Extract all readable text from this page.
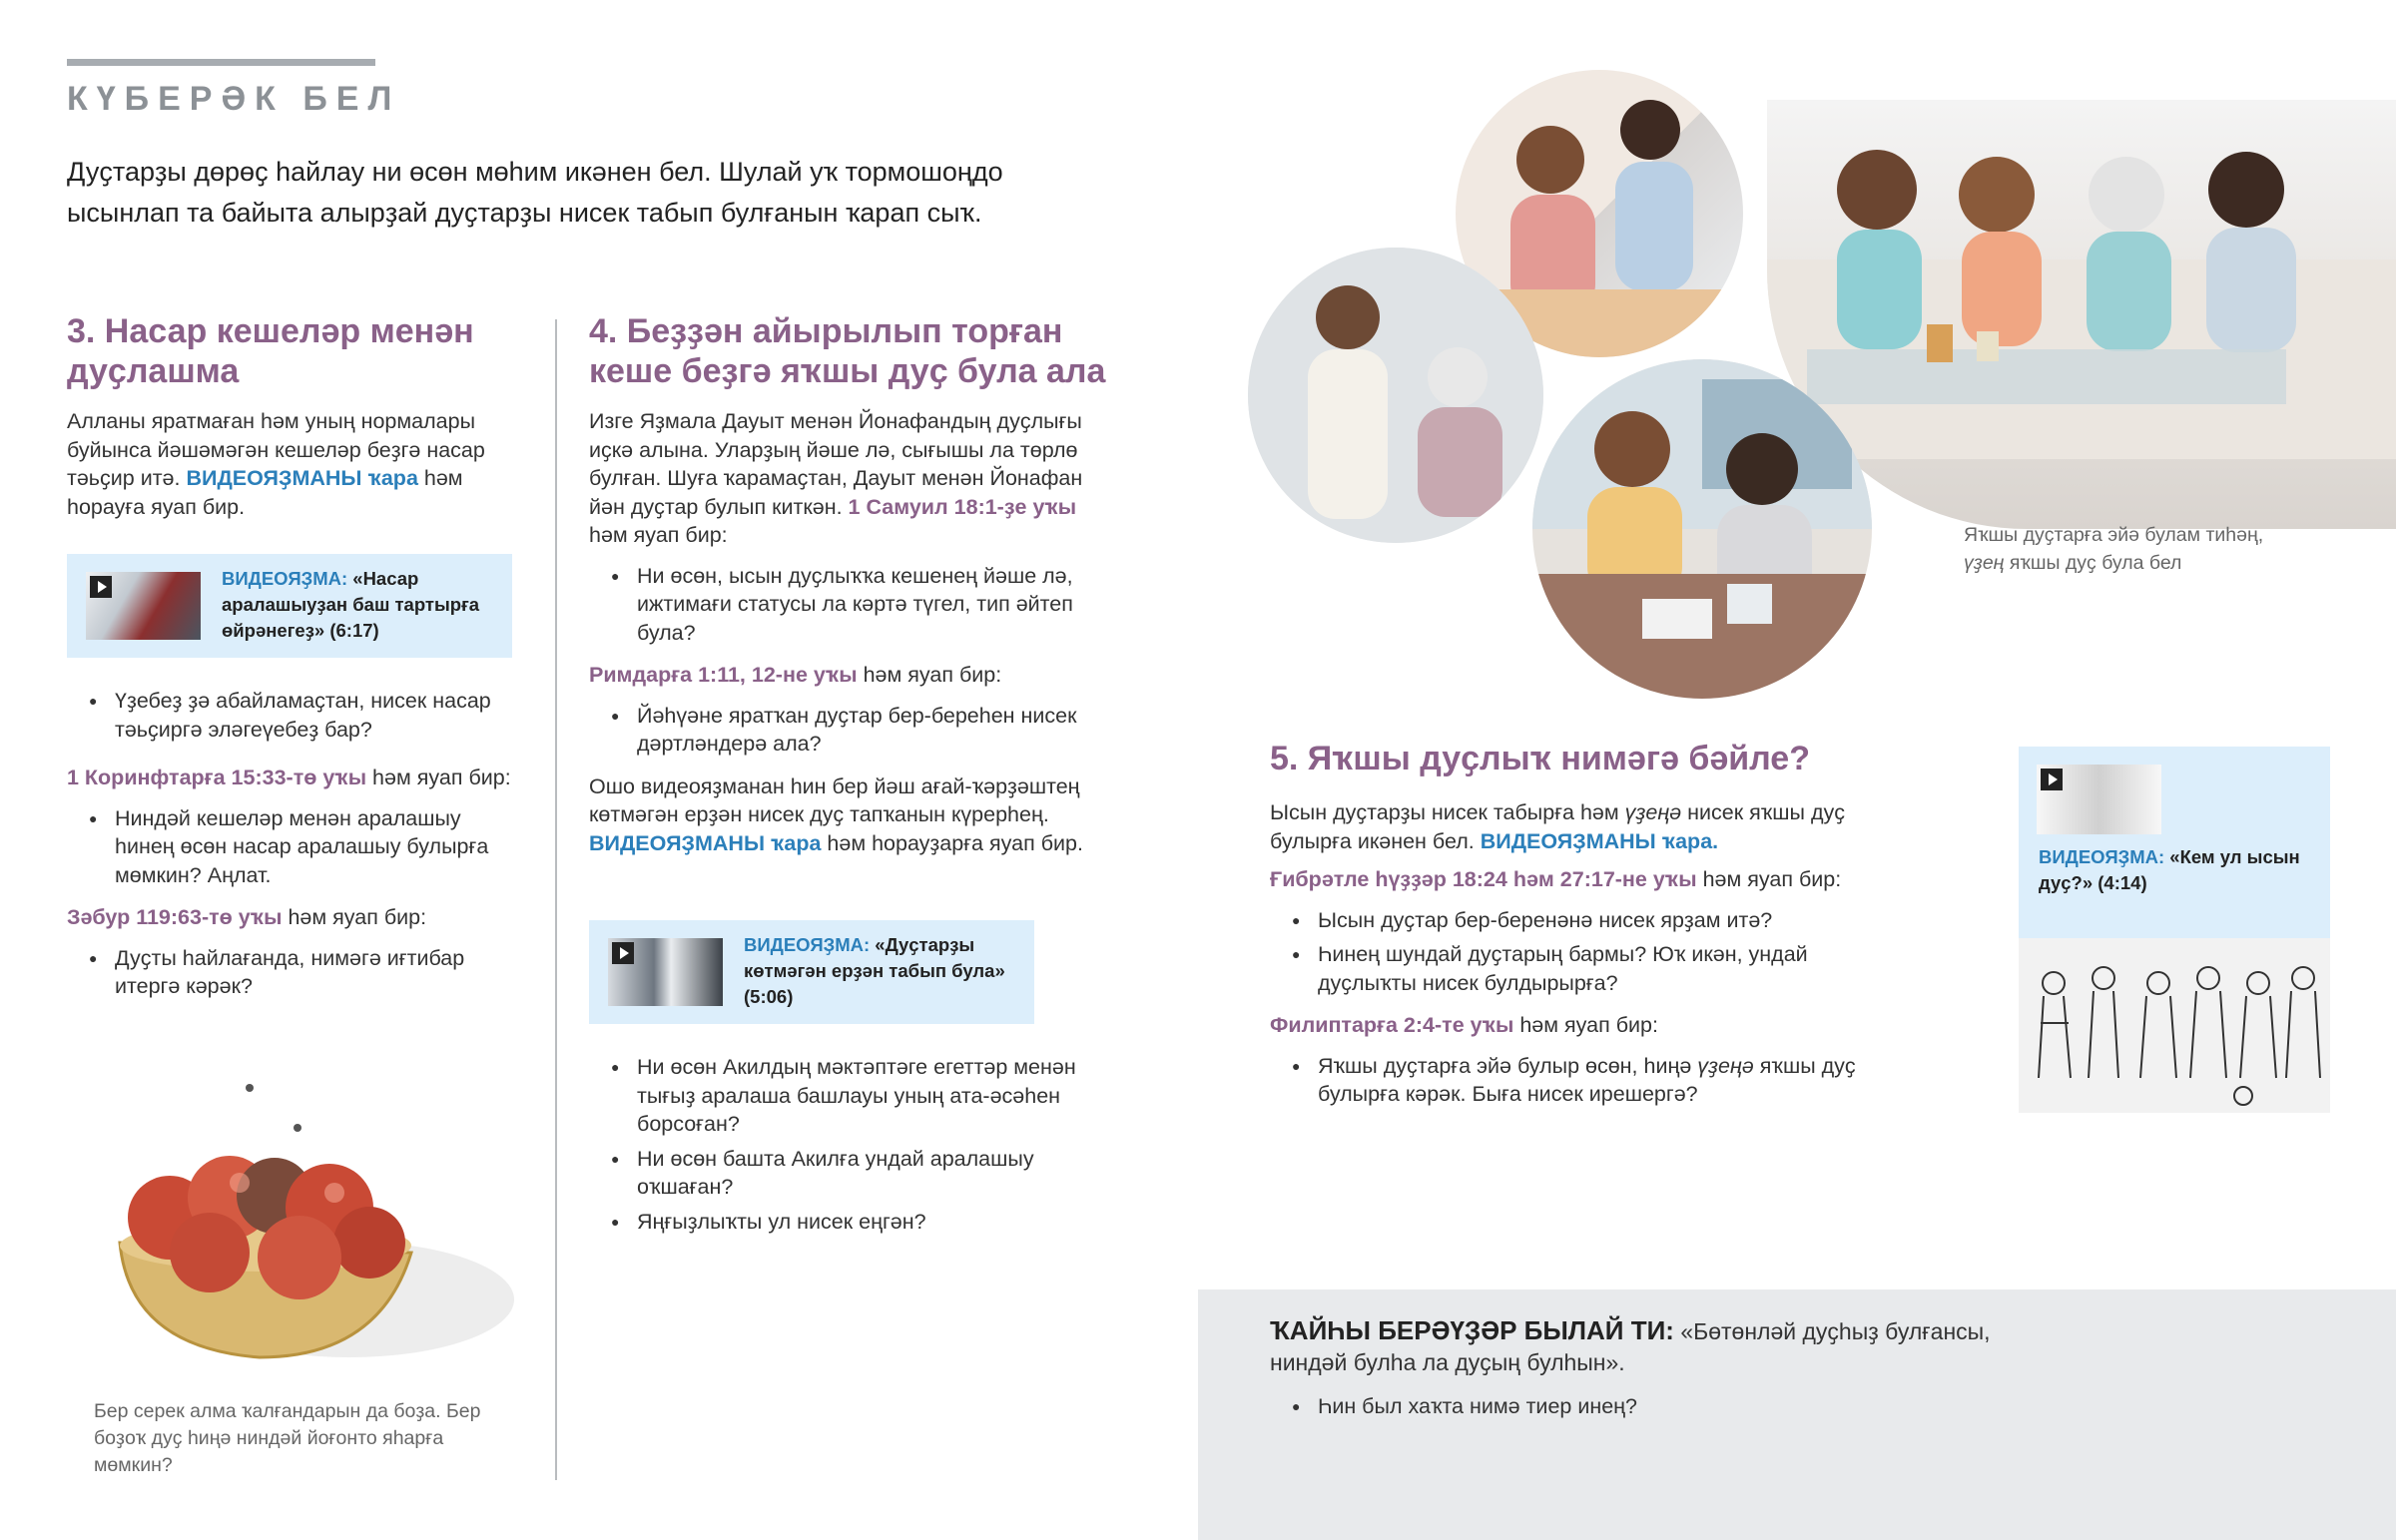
КҮБЕРӘК БЕЛ
Дуҫтарҙы дөрөҫ һайлау ни өсөн мөһим икәнен бел. Шулай уҡ тормошоңдо ысынлап та байыта алырҙай дуҫтарҙы нисек табып булғанын ҡарап сыҡ.
3. Насар кешеләр менән дуҫлашма
Алланы яратмаған һәм уның нормалары буйынса йәшәмәгән кешеләр беҙгә насар тәьҫир итә. ВИДЕОЯҘМАНЫ ҡара һәм һорауға яуап бир.
ВИДЕОЯҘМА: «Насар аралашыуҙан баш тартырға өйрәнегеҙ» (6:17)
● Үҙебеҙ ҙә абайламаҫтан, нисек насар тәьҫиргә эләгеүебеҙ бар?
1 Коринфтарға 15:33-тө уҡы һәм яуап бир:
● Ниндәй кешеләр менән аралашыу һинең өсөн насар аралашыу булырға мөмкин? Аңлат.
Зәбур 119:63-тө уҡы һәм яуап бир:
● Дуҫты һайлағанда, нимәгә иғтибар итергә кәрәк?
Бер серек алма ҡалғандарын да боҙа. Бер боҙоҡ дуҫ һиңә ниндәй йоғонто яһарға мөмкин?
4. Беҙҙән айырылып торған кеше беҙгә яҡшы дуҫ була ала
Изге Яҙмала Дауыт менән Йонафандың дуҫлығы иҫкә алына. Уларҙың йәше лә, сығышы ла төрлө булған. Шуға ҡарамаҫтан, Дауыт менән Йонафан йән дуҫтар булып киткән. 1 Самуил 18:1-ҙе уҡы һәм яуап бир:
● Ни өсөн, ысын дуҫлыҡҡа кешенең йәше лә, ижтимағи статусы ла кәртә түгел, тип әйтеп була?
Римдарға 1:11, 12-не уҡы һәм яуап бир:
● Йәһүәне яратҡан дуҫтар бер-береһен нисек дәртләндерә ала?
Ошо видеояҙманан һин бер йәш ағай-ҡәрҙәштең көтмәгән ерҙән нисек дуҫ тапҡанын күрерһең. ВИДЕОЯҘМАНЫ ҡара һәм һорауҙарға яуап бир.
ВИДЕОЯҘМА: «Дуҫтарҙы көтмәгән ерҙән табып була» (5:06)
● Ни өсөн Акилдың мәктәптәге егеттәр менән тығыҙ аралаша башлауы уның ата-әсәһен борсоған?
● Ни өсөн башта Акилға ундай аралашыу оҡшаған?
● Яңғыҙлыҡты ул нисек еңгән?
Яҡшы дуҫтарға эйә булам тиһәң,
үҙең яҡшы дуҫ була бел
5. Яҡшы дуҫлыҡ нимәгә бәйле?
Ысын дуҫтарҙы нисек табырға һәм үҙеңә нисек яҡшы дуҫ булырға икәнен бел. ВИДЕОЯҘМАНЫ ҡара.
Ғибрәтле һүҙҙәр 18:24 һәм 27:17-не уҡы һәм яуап бир:
● Ысын дуҫтар бер-беренәнә нисек ярҙам итә?
● Һинең шундай дуҫтарың бармы? Юҡ икән, ундай дуҫлыҡты нисек булдырырға?
Филиптарға 2:4-те уҡы һәм яуап бир:
● Яҡшы дуҫтарға эйә булыр өсөн, һиңә үҙеңә яҡшы дуҫ булырға кәрәк. Быға нисек ирешергә?
ВИДЕОЯҘМА: «Кем ул ысын дуҫ?» (4:14)
ҠАЙҺЫ БЕРӘҮҘӘР БЫЛАЙ ТИ: «Бөтөнләй дуҫһыҙ булғансы, ниндәй булһа ла дуҫың булһын».
● Һин был хаҡта нимә тиер инең?
